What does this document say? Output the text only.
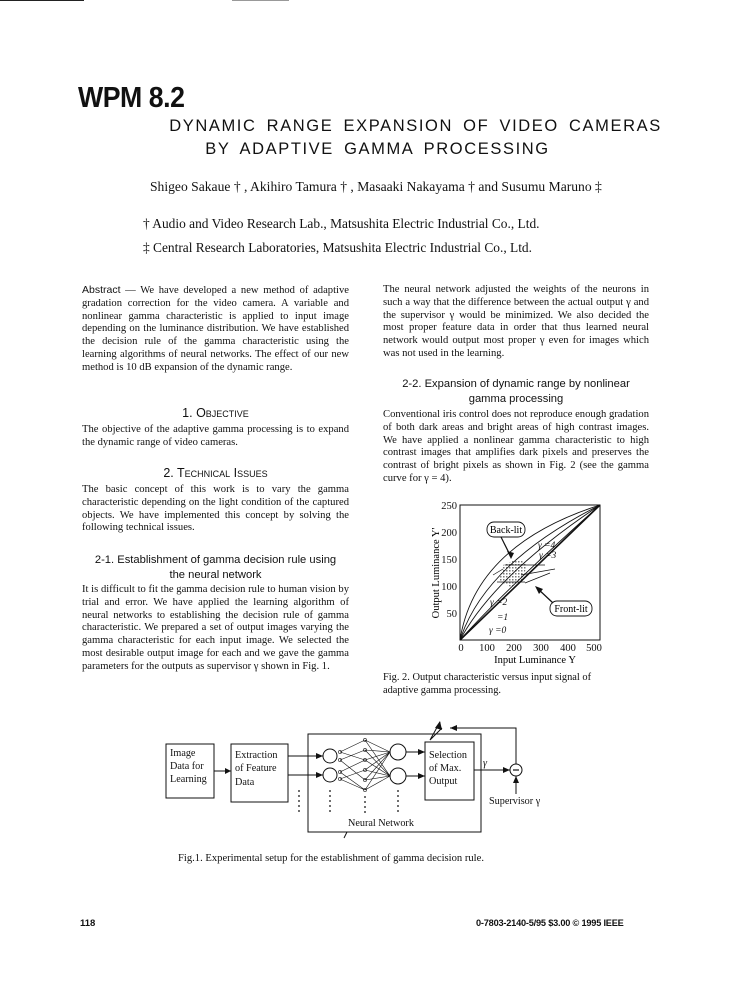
WPM 8.2
DYNAMIC RANGE EXPANSION OF VIDEO CAMERAS
BY ADAPTIVE GAMMA PROCESSING
Shigeo Sakaue † , Akihiro Tamura † , Masaaki Nakayama † and Susumu Maruno ‡
† Audio and Video Research Lab., Matsushita Electric Industrial Co., Ltd.
‡ Central Research Laboratories, Matsushita Electric Industrial Co., Ltd.
Abstract — We have developed a new method of adaptive gradation correction for the video camera. A variable and nonlinear gamma characteristic is applied to input image depending on the luminance distribution. We have established the decision rule of the gamma characteristic using the learning algorithms of neural networks. The effect of our new method is 10 dB expansion of the dynamic range.
1. Objective
The objective of the adaptive gamma processing is to expand the dynamic range of video cameras.
2. Technical Issues
The basic concept of this work is to vary the gamma characteristic depending on the light condition of the captured objects. We have implemented this concept by solving the following technical issues.
2-1. Establishment of gamma decision rule using
the neural network
It is difficult to fit the gamma decision rule to human vision by trial and error. We have applied the learning algorithm of neural networks to establishing the decision rule of gamma characteristic. We prepared a set of output images varying the gamma characteristic for each input image. We selected the most desirable output image for each and we gave the gamma parameters for the outputs as supervisor γ shown in Fig. 1.
The neural network adjusted the weights of the neurons in such a way that the difference between the actual output γ and the supervisor γ would be minimized. We also decided the most proper feature data in order that thus learned neural network would output most proper γ even for images which was not used in the learning.
2-2. Expansion of dynamic range by nonlinear
gamma processing
Conventional iris control does not reproduce enough gradation of both dark areas and bright areas of high contrast images. We have applied a nonlinear gamma characteristic to high contrast images that amplifies dark pixels and preserves the contrast of bright pixels as shown in Fig. 2 (see the gamma curve for γ = 4).
250
200
150
100
50
0 100 200 300 400 500
Input Luminance Y
Output Luminance Y'	Back-lit
Front-lit
γ =4
γ =3
γ =2
=1
γ =0
Fig. 2. Output characteristic versus input signal of
adaptive gamma processing.
Image
Data for
Learning
Extraction
of Feature
Data
Selection
of Max.
Output
Neural Network
γ
Supervisor γ
Fig.1. Experimental setup for the establishment of gamma decision rule.
118	0-7803-2140-5/95 $3.00 © 1995 IEEE
